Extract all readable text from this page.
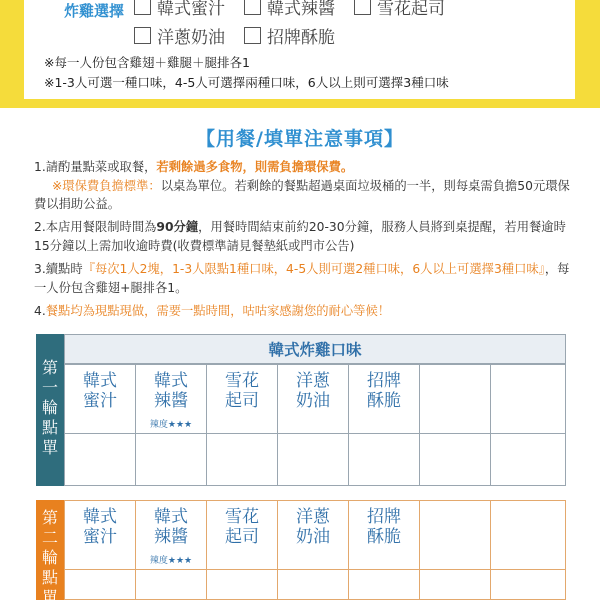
炸雞選擇 韓式蜜汁 韓式辣醬 雪花起司
洋蔥奶油 招牌酥脆
※每一人份包含雞翅＋雞腿＋腿排各1
※1-3人可選一種口味，4-5人可選擇兩種口味，6人以上則可選擇3種口味
【用餐/填單注意事項】
1.請酌量點菜或取餐，若剩餘過多食物，則需負擔環保費。
※環保費負擔標準：以桌為單位。若剩餘的餐點超過桌面垃圾桶的一半，則每桌需負擔50元環保費以捐助公益。
2.本店用餐限制時間為90分鐘，用餐時間結束前約20-30分鐘，服務人員將到桌提醒，若用餐逾時15分鐘以上需加收逾時費(收費標準請見餐墊紙或門市公告)
3.續點時『每次1人2塊，1-3人限點1種口味，4-5人則可選2種口味，6人以上可選擇3種口味』，每一人份包含雞翅+腿排各1。
4.餐點均為現點現做，需要一點時間，咕咕家感謝您的耐心等候！
第
一
輪
點
單
韓式炸雞口味
韓式
蜜汁
韓式
辣醬
辣度★★★
雪花
起司
洋蔥
奶油
招牌
酥脆
第
二
輪
點
單
韓式
蜜汁
韓式
辣醬
辣度★★★
雪花
起司
洋蔥
奶油
招牌
酥脆
